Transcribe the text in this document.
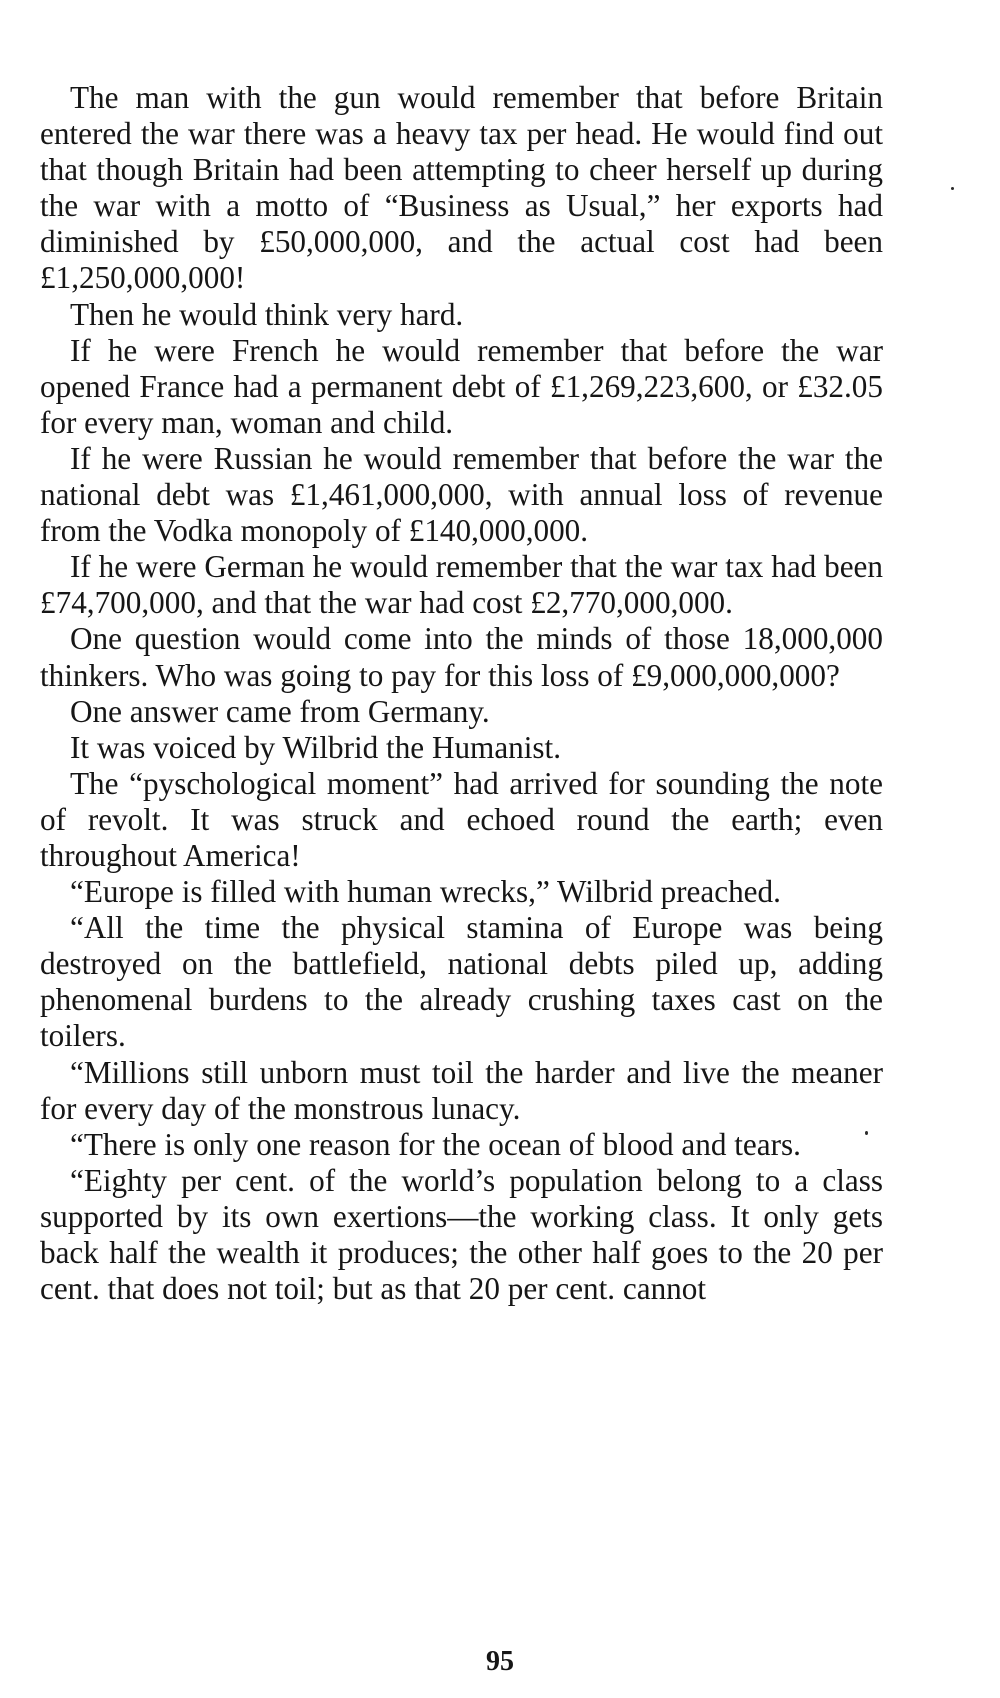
The man with the gun would remember that before Britain entered the war there was a heavy tax per head. He would find out that though Britain had been attempting to cheer herself up during the war with a motto of “Business as Usual,” her exports had diminished by £50,000,000, and the actual cost had been £1,250,000,000!

Then he would think very hard.

If he were French he would remember that before the war opened France had a permanent debt of £1,269,223,600, or £32.05 for every man, woman and child.

If he were Russian he would remember that before the war the national debt was £1,461,000,000, with annual loss of revenue from the Vodka monopoly of £140,000,000.

If he were German he would remember that the war tax had been £74,700,000, and that the war had cost £2,770,000,000.

One question would come into the minds of those 18,000,000 thinkers. Who was going to pay for this loss of £9,000,000,000?

One answer came from Germany.

It was voiced by Wilbrid the Humanist.

The “pyschological moment” had arrived for sounding the note of revolt. It was struck and echoed round the earth; even throughout America!

“Europe is filled with human wrecks,” Wilbrid preached.

“All the time the physical stamina of Europe was being destroyed on the battlefield, national debts piled up, adding phenomenal burdens to the already crushing taxes cast on the toilers.

“Millions still unborn must toil the harder and live the meaner for every day of the monstrous lunacy.

“There is only one reason for the ocean of blood and tears.

“Eighty per cent. of the world’s population belong to a class supported by its own exertions—the working class. It only gets back half the wealth it produces; the other half goes to the 20 per cent. that does not toil; but as that 20 per cent. cannot

95
